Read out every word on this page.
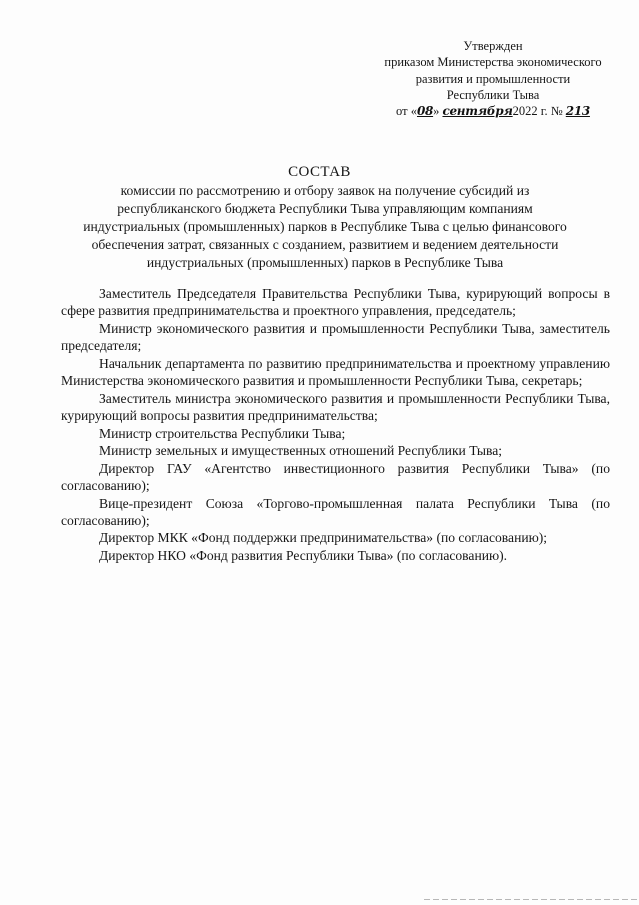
Утвержден
приказом Министерства экономического
развития и промышленности
Республики Тыва
от «08» сентября2022 г. № 213
СОСТАВ
комиссии по рассмотрению и отбору заявок на получение субсидий из
республиканского бюджета Республики Тыва управляющим компаниям
индустриальных (промышленных) парков в Республике Тыва с целью финансового
обеспечения затрат, связанных с созданием, развитием и ведением деятельности
индустриальных (промышленных) парков в Республике Тыва

Заместитель Председателя Правительства Республики Тыва, курирующий вопросы в сфере развития предпринимательства и проектного управления, председатель;

Министр экономического развития и промышленности Республики Тыва, заместитель председателя;

Начальник департамента по развитию предпринимательства и проектному управлению Министерства экономического развития и промышленности Республики Тыва, секретарь;

Заместитель министра экономического развития и промышленности Республики Тыва, курирующий вопросы развития предпринимательства;

Министр строительства Республики Тыва;

Министр земельных и имущественных отношений Республики Тыва;

Директор ГАУ «Агентство инвестиционного развития Республики Тыва» (по согласованию);

Вице-президент Союза «Торгово-промышленная палата Республики Тыва (по согласованию);

Директор МКК «Фонд поддержки предпринимательства» (по согласованию);

Директор НКО «Фонд развития Республики Тыва» (по согласованию).
